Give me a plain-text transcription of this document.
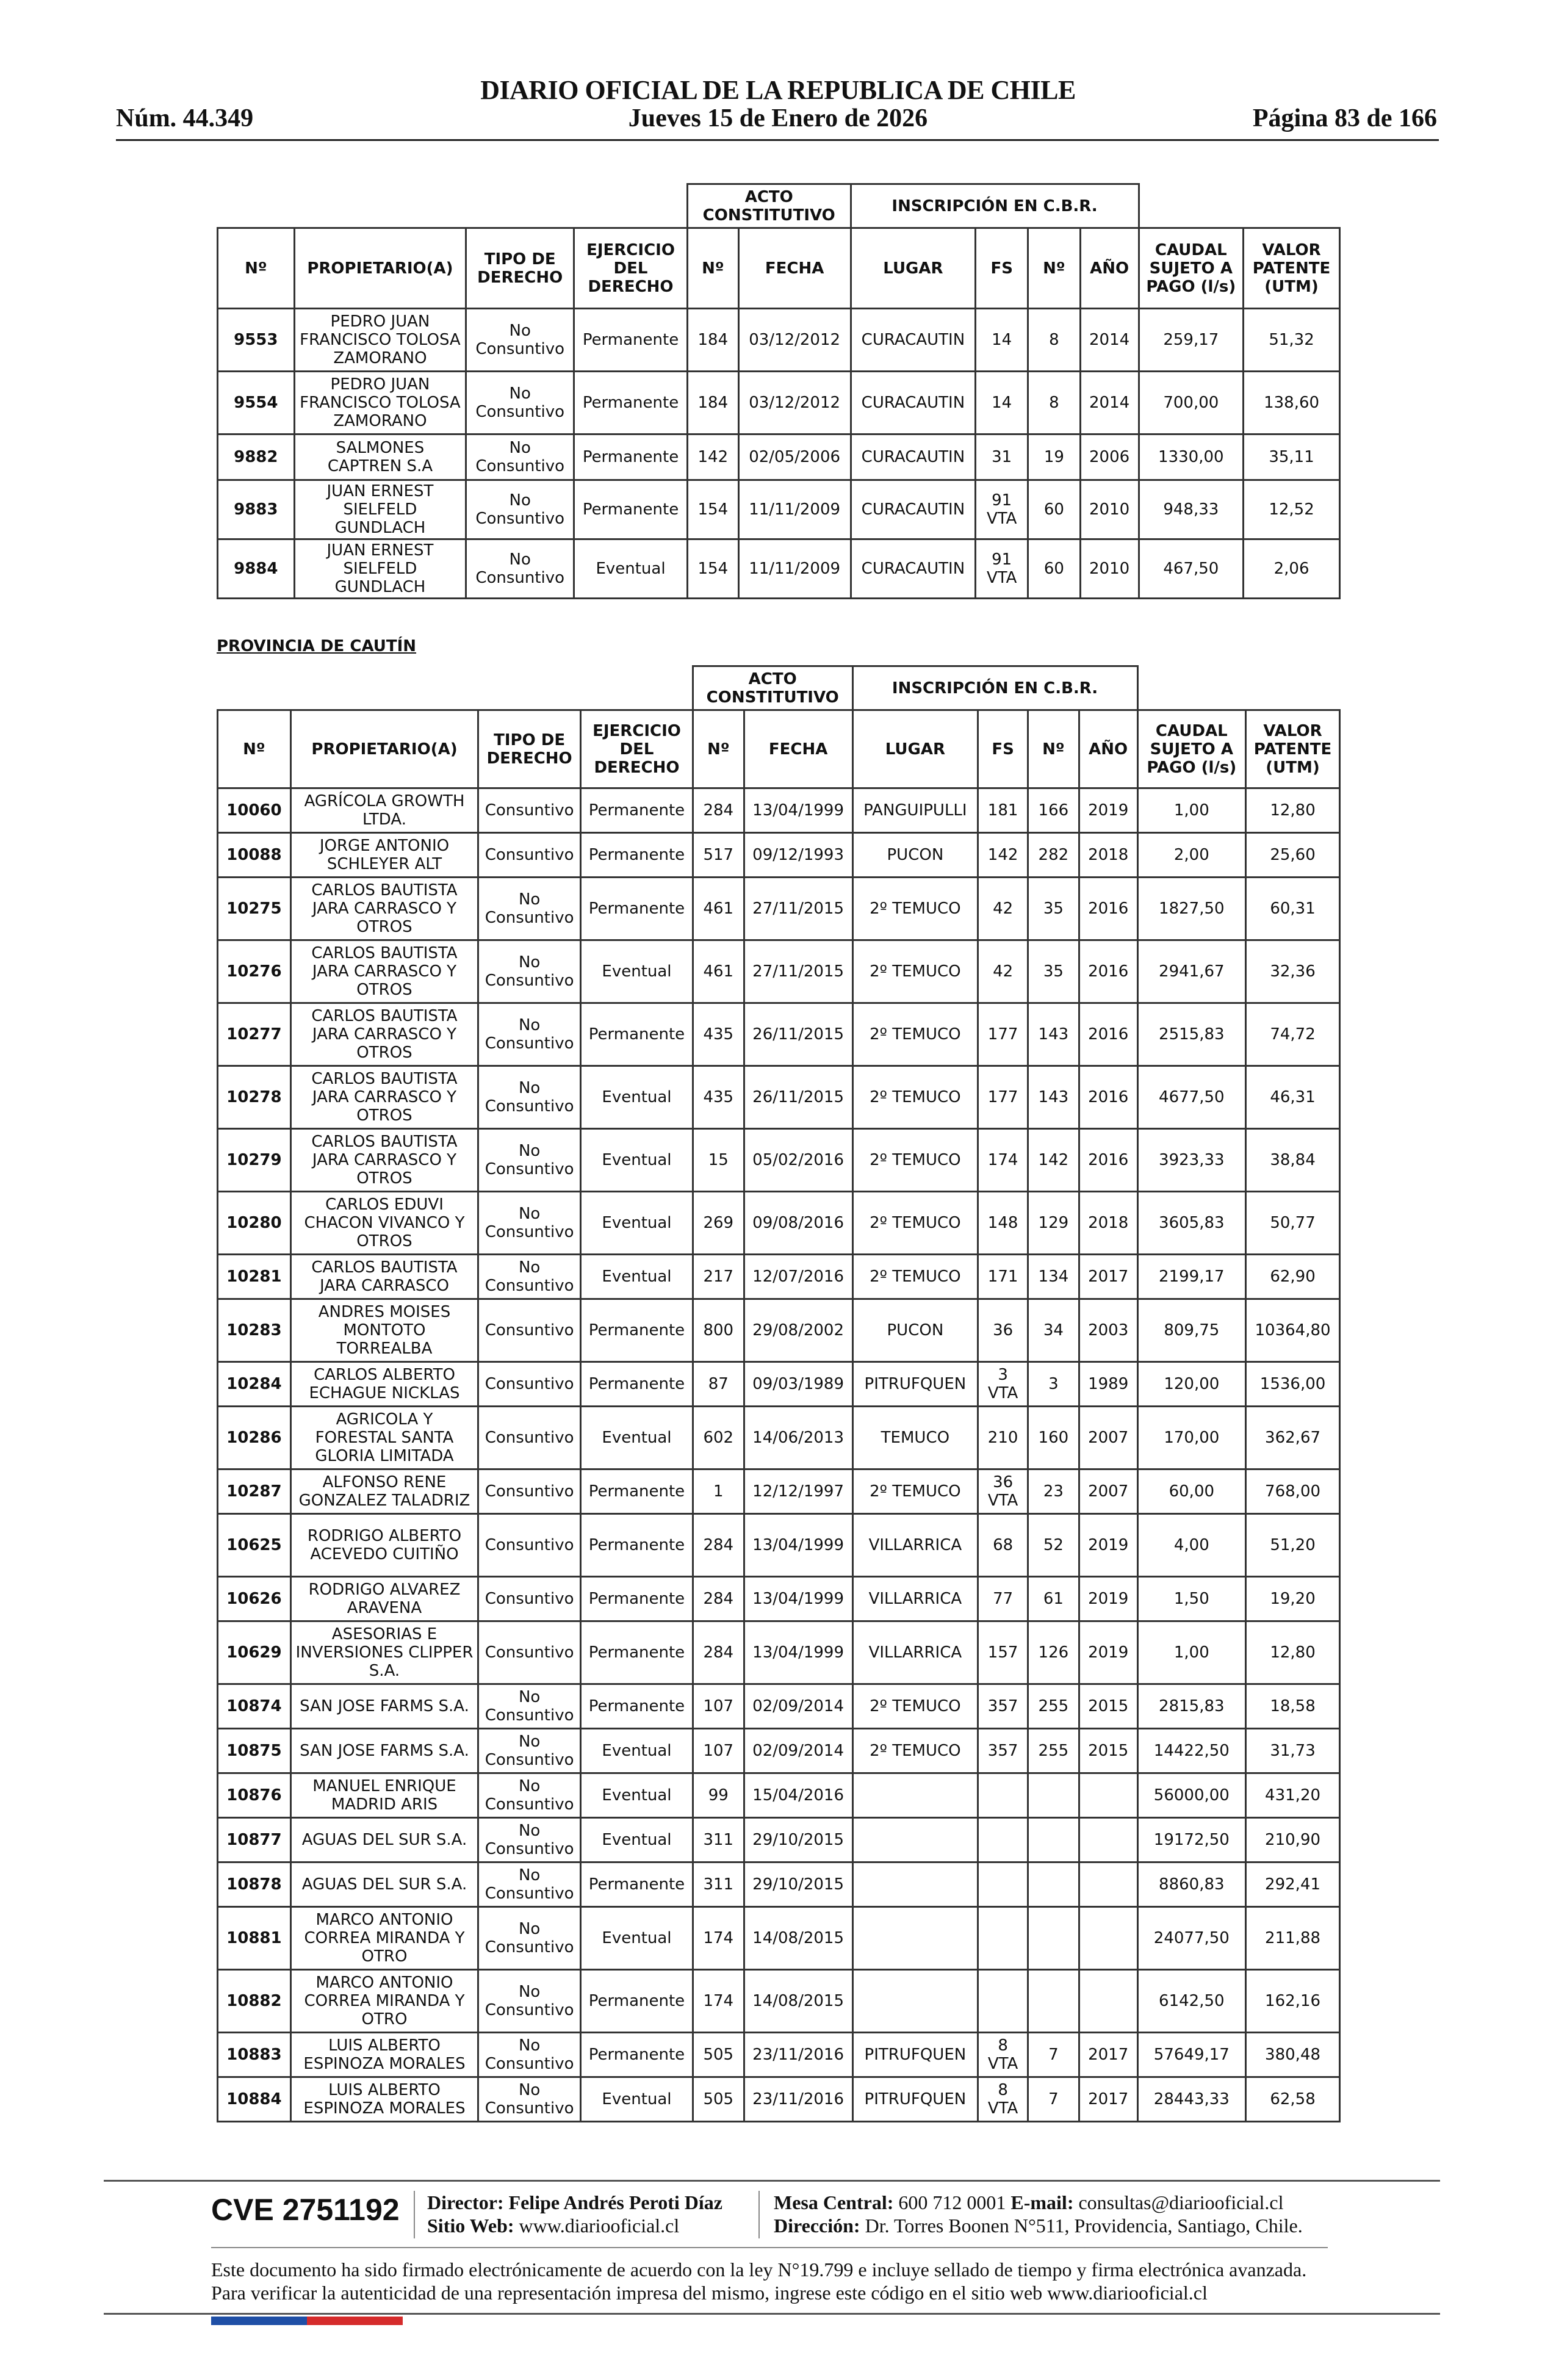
DIARIO OFICIAL DE LA REPUBLICA DE CHILE
Núm. 44.349	Jueves 15 de Enero de 2026	Página 83 de 166
				ACTO CONSTITUTIVO		INSCRIPCIÓN EN C.B.R.					
Nº	PROPIETARIO(A)	TIPO DE DERECHO	EJERCICIO DEL DERECHO	Nº	FECHA	LUGAR	FS	Nº	AÑO	CAUDAL SUJETO A PAGO (l/s)	VALOR PATENTE (UTM)
9553	PEDRO JUAN FRANCISCO TOLOSA ZAMORANO	No Consuntivo	Permanente	184	03/12/2012	CURACAUTIN	14	8	2014	259,17	51,32
9554	PEDRO JUAN FRANCISCO TOLOSA ZAMORANO	No Consuntivo	Permanente	184	03/12/2012	CURACAUTIN	14	8	2014	700,00	138,60
9882	SALMONES CAPTREN S.A	No Consuntivo	Permanente	142	02/05/2006	CURACAUTIN	31	19	2006	1330,00	35,11
9883	JUAN ERNEST SIELFELD GUNDLACH	No Consuntivo	Permanente	154	11/11/2009	CURACAUTIN	91 VTA	60	2010	948,33	12,52
9884	JUAN ERNEST SIELFELD GUNDLACH	No Consuntivo	Eventual	154	11/11/2009	CURACAUTIN	91 VTA	60	2010	467,50	2,06
PROVINCIA DE CAUTÍN
				ACTO CONSTITUTIVO		INSCRIPCIÓN EN C.B.R.					
Nº	PROPIETARIO(A)	TIPO DE DERECHO	EJERCICIO DEL DERECHO	Nº	FECHA	LUGAR	FS	Nº	AÑO	CAUDAL SUJETO A PAGO (l/s)	VALOR PATENTE (UTM)
10060	AGRÍCOLA GROWTH LTDA.	Consuntivo	Permanente	284	13/04/1999	PANGUIPULLI	181	166	2019	1,00	12,80
10088	JORGE ANTONIO SCHLEYER ALT	Consuntivo	Permanente	517	09/12/1993	PUCON	142	282	2018	2,00	25,60
10275	CARLOS BAUTISTA JARA CARRASCO Y OTROS	No Consuntivo	Permanente	461	27/11/2015	2º TEMUCO	42	35	2016	1827,50	60,31
10276	CARLOS BAUTISTA JARA CARRASCO Y OTROS	No Consuntivo	Eventual	461	27/11/2015	2º TEMUCO	42	35	2016	2941,67	32,36
10277	CARLOS BAUTISTA JARA CARRASCO Y OTROS	No Consuntivo	Permanente	435	26/11/2015	2º TEMUCO	177	143	2016	2515,83	74,72
10278	CARLOS BAUTISTA JARA CARRASCO Y OTROS	No Consuntivo	Eventual	435	26/11/2015	2º TEMUCO	177	143	2016	4677,50	46,31
10279	CARLOS BAUTISTA JARA CARRASCO Y OTROS	No Consuntivo	Eventual	15	05/02/2016	2º TEMUCO	174	142	2016	3923,33	38,84
10280	CARLOS EDUVI CHACON VIVANCO Y OTROS	No Consuntivo	Eventual	269	09/08/2016	2º TEMUCO	148	129	2018	3605,83	50,77
10281	CARLOS BAUTISTA JARA CARRASCO	No Consuntivo	Eventual	217	12/07/2016	2º TEMUCO	171	134	2017	2199,17	62,90
10283	ANDRES MOISES MONTOTO TORREALBA	Consuntivo	Permanente	800	29/08/2002	PUCON	36	34	2003	809,75	10364,80
10284	CARLOS ALBERTO ECHAGUE NICKLAS	Consuntivo	Permanente	87	09/03/1989	PITRUFQUEN	3 VTA	3	1989	120,00	1536,00
10286	AGRICOLA Y FORESTAL SANTA GLORIA LIMITADA	Consuntivo	Eventual	602	14/06/2013	TEMUCO	210	160	2007	170,00	362,67
10287	ALFONSO RENE GONZALEZ TALADRIZ	Consuntivo	Permanente	1	12/12/1997	2º TEMUCO	36 VTA	23	2007	60,00	768,00
10625	RODRIGO ALBERTO ACEVEDO CUITIÑO	Consuntivo	Permanente	284	13/04/1999	VILLARRICA	68	52	2019	4,00	51,20
10626	RODRIGO ALVAREZ ARAVENA	Consuntivo	Permanente	284	13/04/1999	VILLARRICA	77	61	2019	1,50	19,20
10629	ASESORIAS E INVERSIONES CLIPPER S.A.	Consuntivo	Permanente	284	13/04/1999	VILLARRICA	157	126	2019	1,00	12,80
10874	SAN JOSE FARMS S.A.	No Consuntivo	Permanente	107	02/09/2014	2º TEMUCO	357	255	2015	2815,83	18,58
10875	SAN JOSE FARMS S.A.	No Consuntivo	Eventual	107	02/09/2014	2º TEMUCO	357	255	2015	14422,50	31,73
10876	MANUEL ENRIQUE MADRID ARIS	No Consuntivo	Eventual	99	15/04/2016					56000,00	431,20
10877	AGUAS DEL SUR S.A.	No Consuntivo	Eventual	311	29/10/2015					19172,50	210,90
10878	AGUAS DEL SUR S.A.	No Consuntivo	Permanente	311	29/10/2015					8860,83	292,41
10881	MARCO ANTONIO CORREA MIRANDA Y OTRO	No Consuntivo	Eventual	174	14/08/2015					24077,50	211,88
10882	MARCO ANTONIO CORREA MIRANDA Y OTRO	No Consuntivo	Permanente	174	14/08/2015					6142,50	162,16
10883	LUIS ALBERTO ESPINOZA MORALES	No Consuntivo	Permanente	505	23/11/2016	PITRUFQUEN	8 VTA	7	2017	57649,17	380,48
10884	LUIS ALBERTO ESPINOZA MORALES	No Consuntivo	Eventual	505	23/11/2016	PITRUFQUEN	8 VTA	7	2017	28443,33	62,58
CVE 2751192 Director: Felipe Andrés Peroti Díaz
Sitio Web: www.diariooficial.cl
Mesa Central: 600 712 0001 E-mail: consultas@diariooficial.cl
Dirección: Dr. Torres Boonen N°511, Providencia, Santiago, Chile.
Este documento ha sido firmado electrónicamente de acuerdo con la ley N°19.799 e incluye sellado de tiempo y firma electrónica avanzada. Para verificar la autenticidad de una representación impresa del mismo, ingrese este código en el sitio web www.diariooficial.cl
